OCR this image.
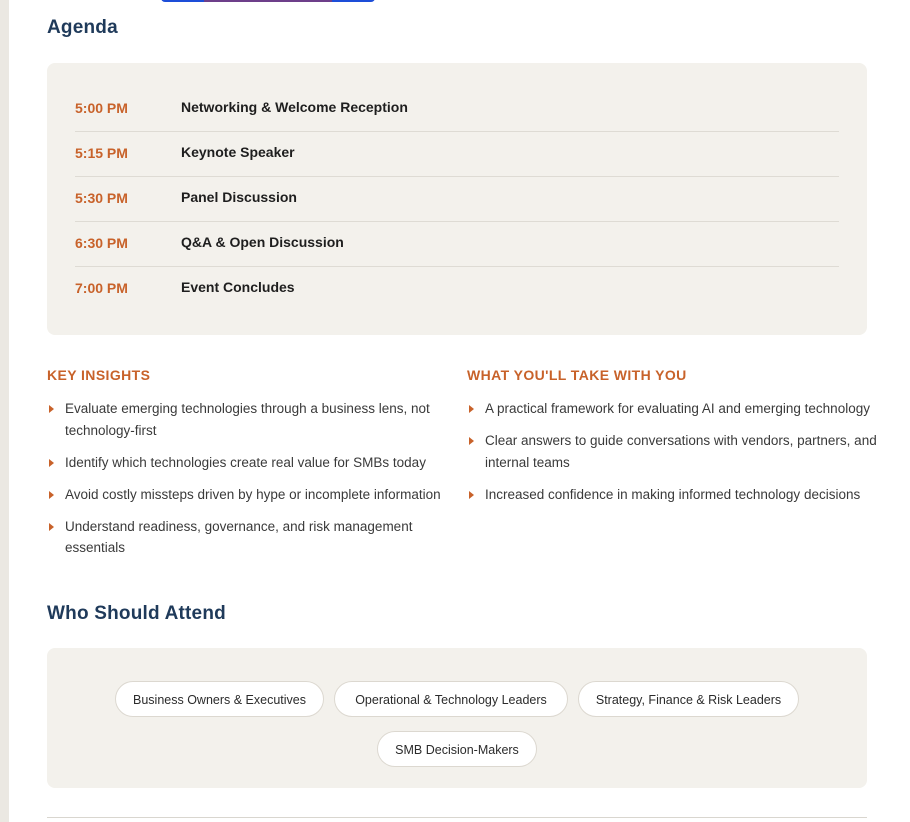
Agenda
5:00 PM	Networking & Welcome Reception
5:15 PM	Keynote Speaker
5:30 PM	Panel Discussion
6:30 PM	Q&A & Open Discussion
7:00 PM	Event Concludes
KEY INSIGHTS
Evaluate emerging technologies through a business lens, not technology-first
Identify which technologies create real value for SMBs today
Avoid costly missteps driven by hype or incomplete information
Understand readiness, governance, and risk management essentials
WHAT YOU'LL TAKE WITH YOU
A practical framework for evaluating AI and emerging technology
Clear answers to guide conversations with vendors, partners, and internal teams
Increased confidence in making informed technology decisions
Who Should Attend
Business Owners & Executives	Operational & Technology Leaders	Strategy, Finance & Risk Leaders
SMB Decision-Makers
